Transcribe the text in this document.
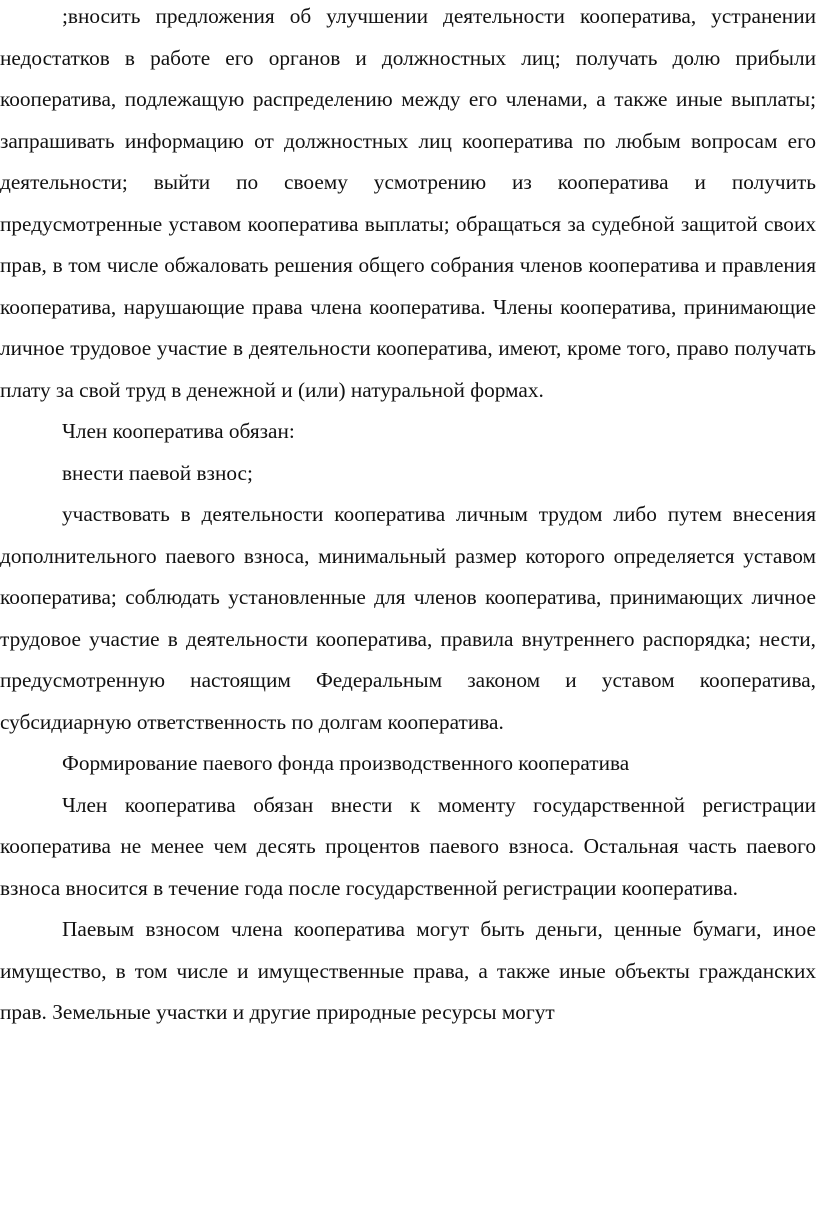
;вносить предложения об улучшении деятельности кооператива, устранении недостатков в работе его органов и должностных лиц; получать долю прибыли кооператива, подлежащую распределению между его членами, а также иные выплаты; запрашивать информацию от должностных лиц кооператива по любым вопросам его деятельности; выйти по своему усмотрению из кооператива и получить предусмотренные уставом кооператива выплаты; обращаться за судебной защитой своих прав, в том числе обжаловать решения общего собрания членов кооператива и правления кооператива, нарушающие права члена кооператива. Члены кооператива, принимающие личное трудовое участие в деятельности кооператива, имеют, кроме того, право получать плату за свой труд в денежной и (или) натуральной формах.

Член кооператива обязан:

внести паевой взнос;

участвовать в деятельности кооператива личным трудом либо путем внесения дополнительного паевого взноса, минимальный размер которого определяется уставом кооператива; соблюдать установленные для членов кооператива, принимающих личное трудовое участие в деятельности кооператива, правила внутреннего распорядка; нести, предусмотренную настоящим Федеральным законом и уставом кооператива, субсидиарную ответственность по долгам кооператива.

Формирование паевого фонда производственного кооператива

Член кооператива обязан внести к моменту государственной регистрации кооператива не менее чем десять процентов паевого взноса. Остальная часть паевого взноса вносится в течение года после государственной регистрации кооператива.

Паевым взносом члена кооператива могут быть деньги, ценные бумаги, иное имущество, в том числе и имущественные права, а также иные объекты гражданских прав. Земельные участки и другие природные ресурсы могут
